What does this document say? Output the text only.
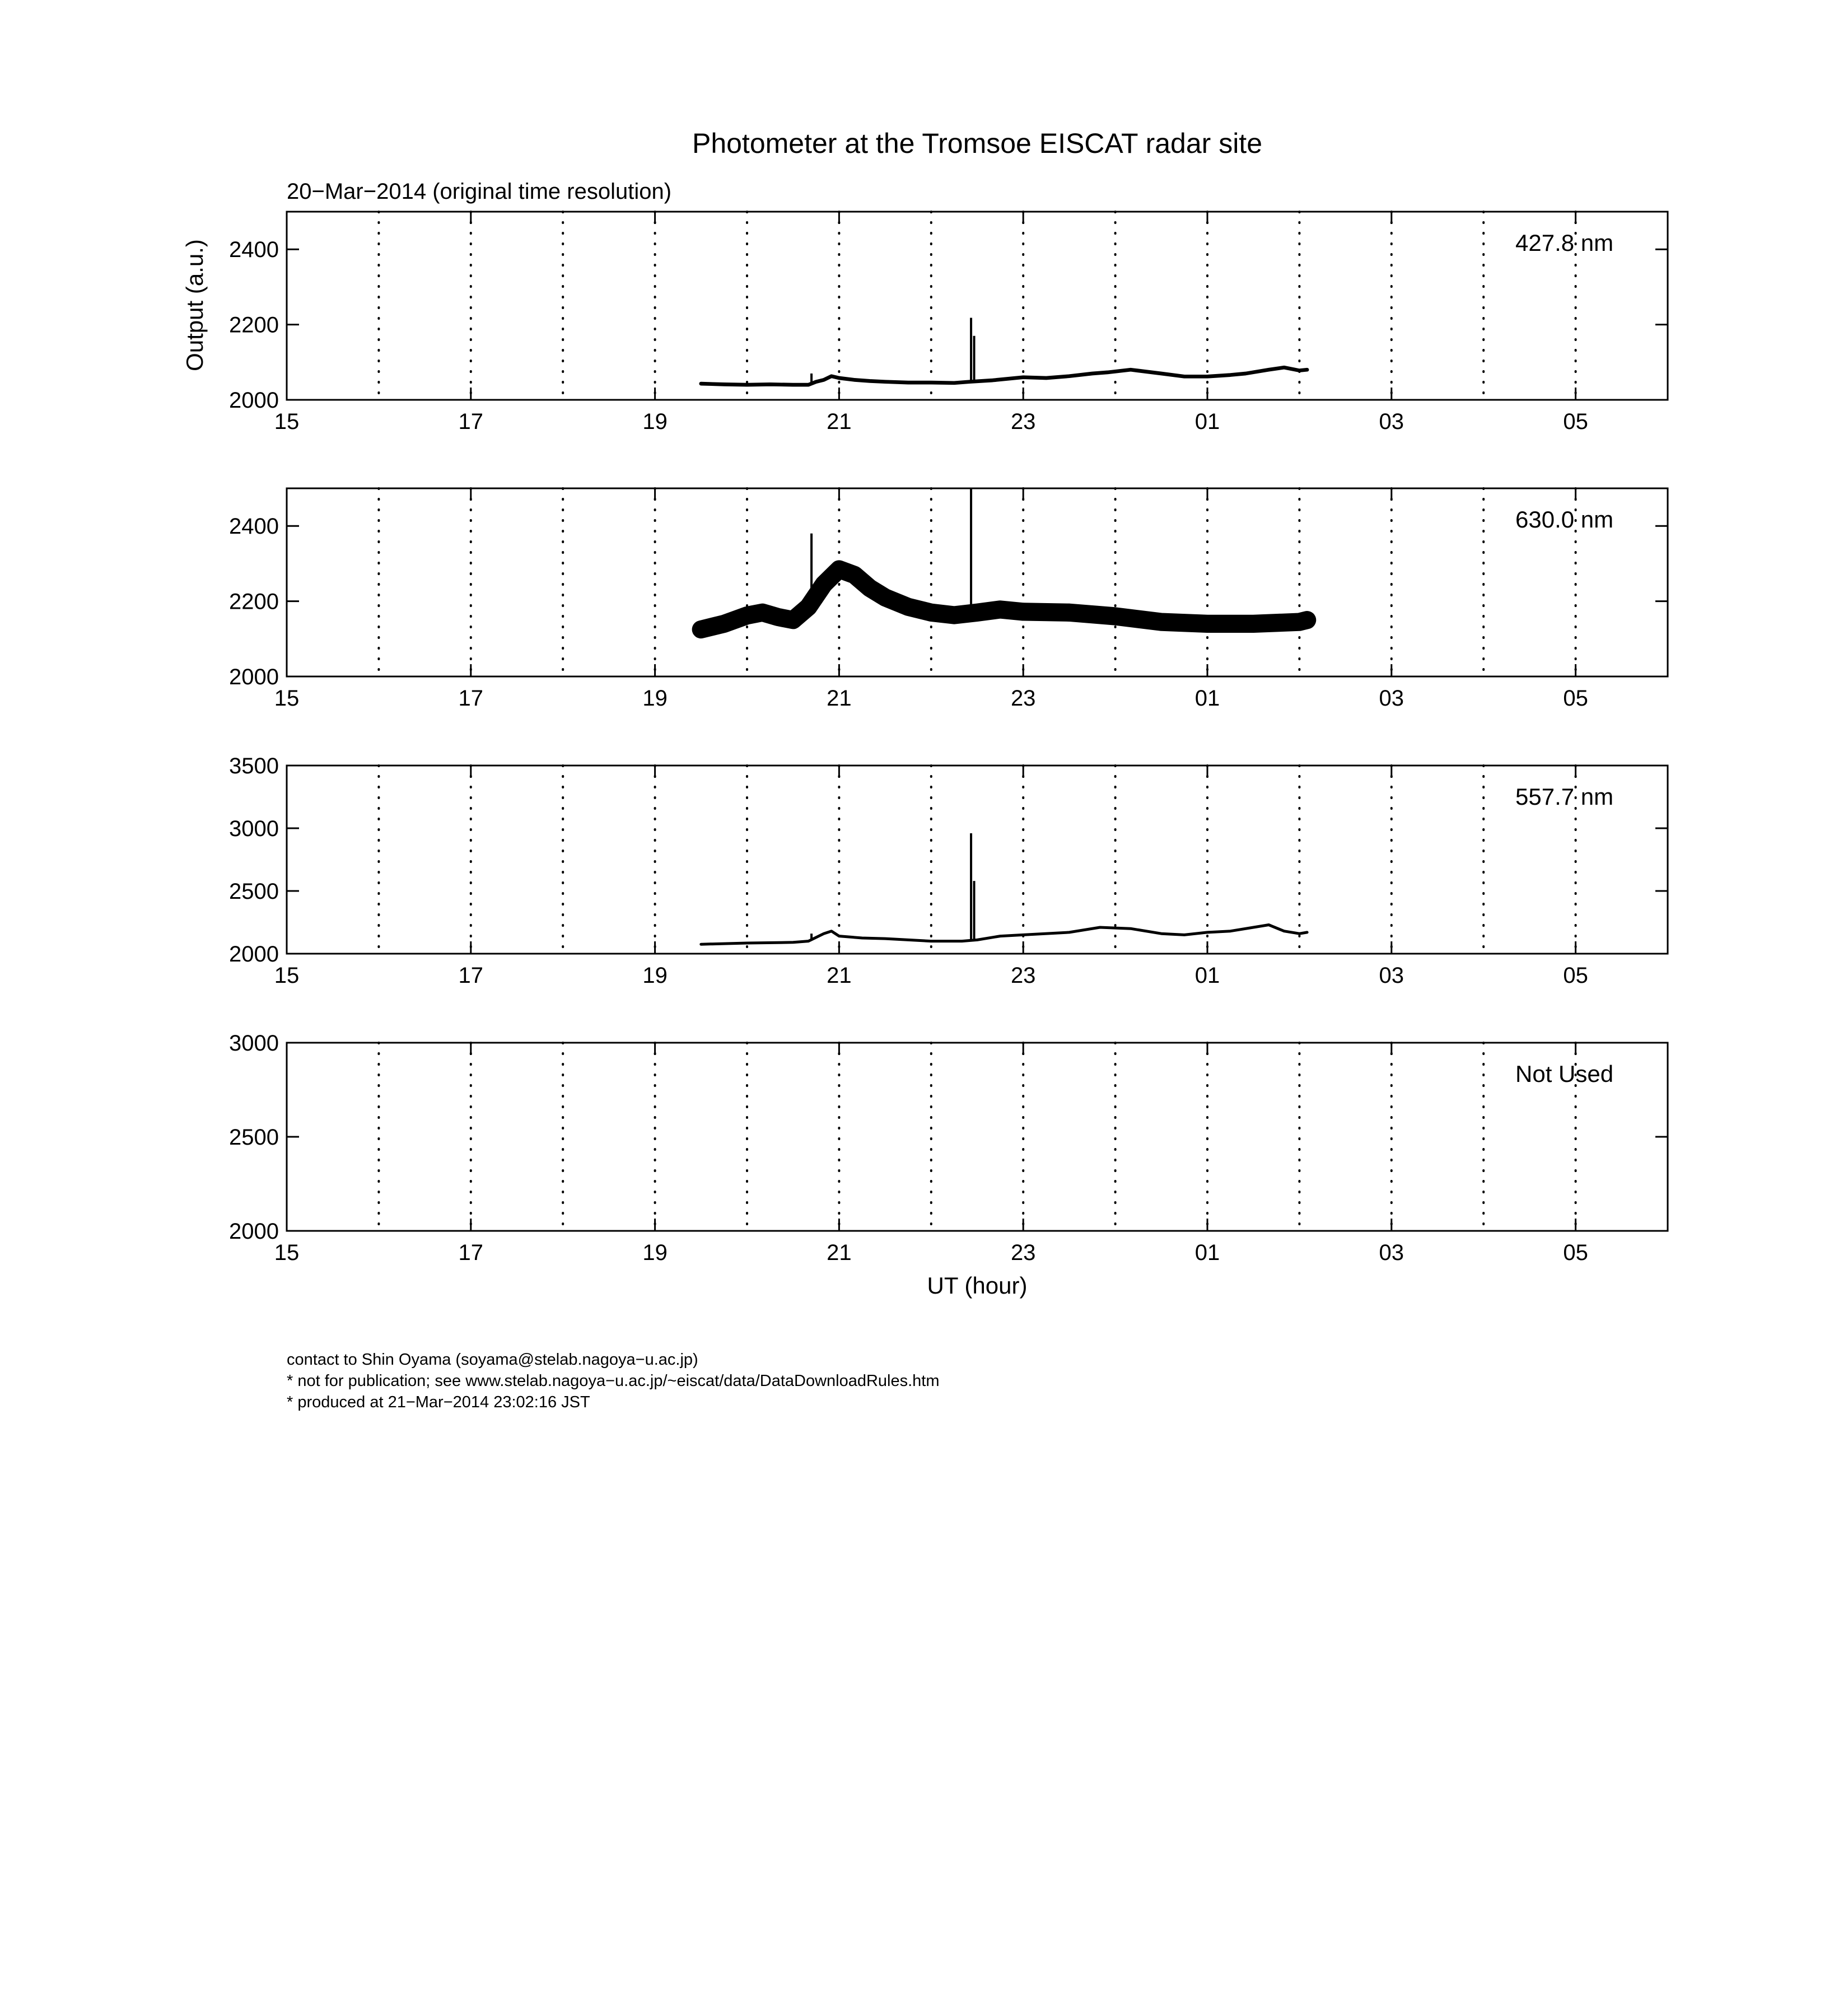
Photometer at the Tromsoe EISCAT radar site
20−Mar−2014 (original time resolution)
Output (a.u.)
UT (hour)
15	17	19	21	23	01	03	05
2000
2200
2400	427.8 nm
15	17	19	21	23	01	03	05
2000
2200
2400	630.0 nm
15	17	19	21	23	01	03	05
2000
2500
3000
3500
557.7 nm
15	17	19	21	23	01	03	05
2000
2500
3000
Not Used
contact to Shin Oyama (soyama@stelab.nagoya−u.ac.jp)
* not for publication; see www.stelab.nagoya−u.ac.jp/~eiscat/data/DataDownloadRules.htm
* produced at 21−Mar−2014 23:02:16 JST
